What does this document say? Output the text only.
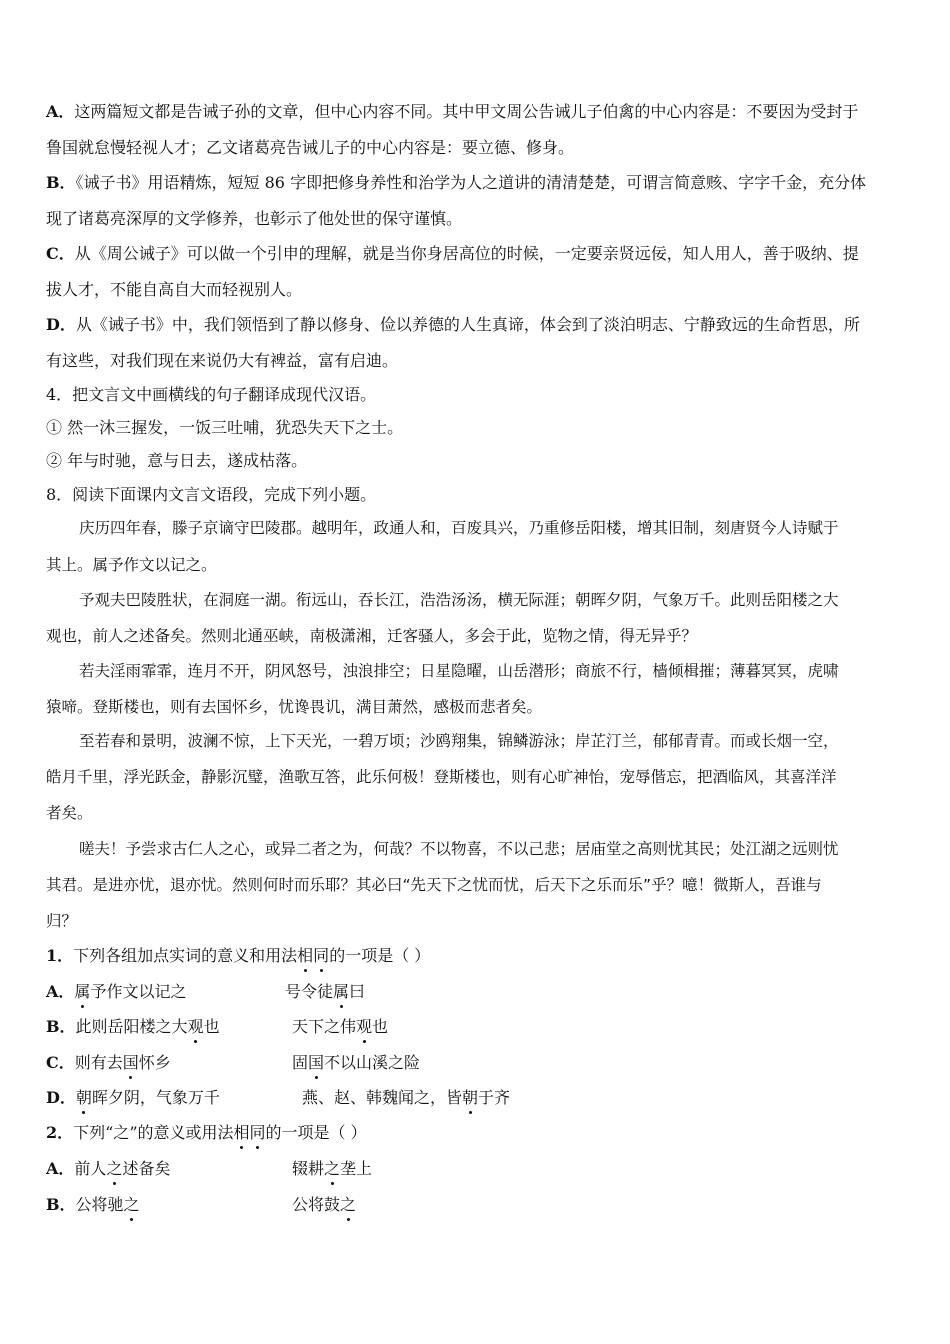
A．这两篇短文都是告诫子孙的文章，但中心内容不同。其中甲文周公告诫儿子伯禽的中心内容是：不要因为受封于
鲁国就怠慢轻视人才；乙文诸葛亮告诫儿子的中心内容是：要立德、修身。
B．《诫子书》用语精炼，短短 86 字即把修身养性和治学为人之道讲的清清楚楚，可谓言简意赅、字字千金，充分体
现了诸葛亮深厚的文学修养，也彰示了他处世的保守谨慎。
C．从《周公诫子》可以做一个引申的理解，就是当你身居高位的时候，一定要亲贤远佞，知人用人，善于吸纳、提
拔人才，不能自高自大而轻视别人。
D．从《诫子书》中，我们领悟到了静以修身、俭以养德的人生真谛，体会到了淡泊明志、宁静致远的生命哲思，所
有这些，对我们现在来说仍大有裨益，富有启迪。
4．把文言文中画横线的句子翻译成现代汉语。
① 然一沐三握发，一饭三吐哺，犹恐失天下之士。
② 年与时驰，意与日去，遂成枯落。
8．阅读下面课内文言文语段，完成下列小题。
庆历四年春，滕子京谪守巴陵郡。越明年，政通人和，百废具兴，乃重修岳阳楼，增其旧制，刻唐贤今人诗赋于
其上。属予作文以记之。
予观夫巴陵胜状，在洞庭一湖。衔远山，吞长江，浩浩汤汤，横无际涯；朝晖夕阴，气象万千。此则岳阳楼之大
观也，前人之述备矣。然则北通巫峡，南极潇湘，迁客骚人，多会于此，览物之情，得无异乎？
若夫淫雨霏霏，连月不开，阴风怒号，浊浪排空；日星隐曜，山岳潜形；商旅不行，樯倾楫摧；薄暮冥冥，虎啸
猿啼。登斯楼也，则有去国怀乡，忧谗畏讥，满目萧然，感极而悲者矣。
至若春和景明，波澜不惊，上下天光，一碧万顷；沙鸥翔集，锦鳞游泳；岸芷汀兰，郁郁青青。而或长烟一空，
皓月千里，浮光跃金，静影沉璧，渔歌互答，此乐何极！登斯楼也，则有心旷神怡，宠辱偕忘，把酒临风，其喜洋洋
者矣。
嗟夫！予尝求古仁人之心，或异二者之为，何哉？不以物喜，不以己悲；居庙堂之高则忧其民；处江湖之远则忧
其君。是进亦忧，退亦忧。然则何时而乐耶？其必曰“先天下之忧而忧，后天下之乐而乐”乎？噫！微斯人，吾谁与
归？
1．下列各组加点实词的意义和用法相同的一项是（ ）
A．属予作文以记之	号令徒属曰
B．此则岳阳楼之大观也	天下之伟观也
C．则有去国怀乡	固国不以山溪之险
D．朝晖夕阴，气象万千	燕、赵、韩魏闻之，皆朝于齐
2．下列“之”的意义或用法相同的一项是（ ）
A．前人之述备矣	辍耕之垄上
B．公将驰之	公将鼓之
